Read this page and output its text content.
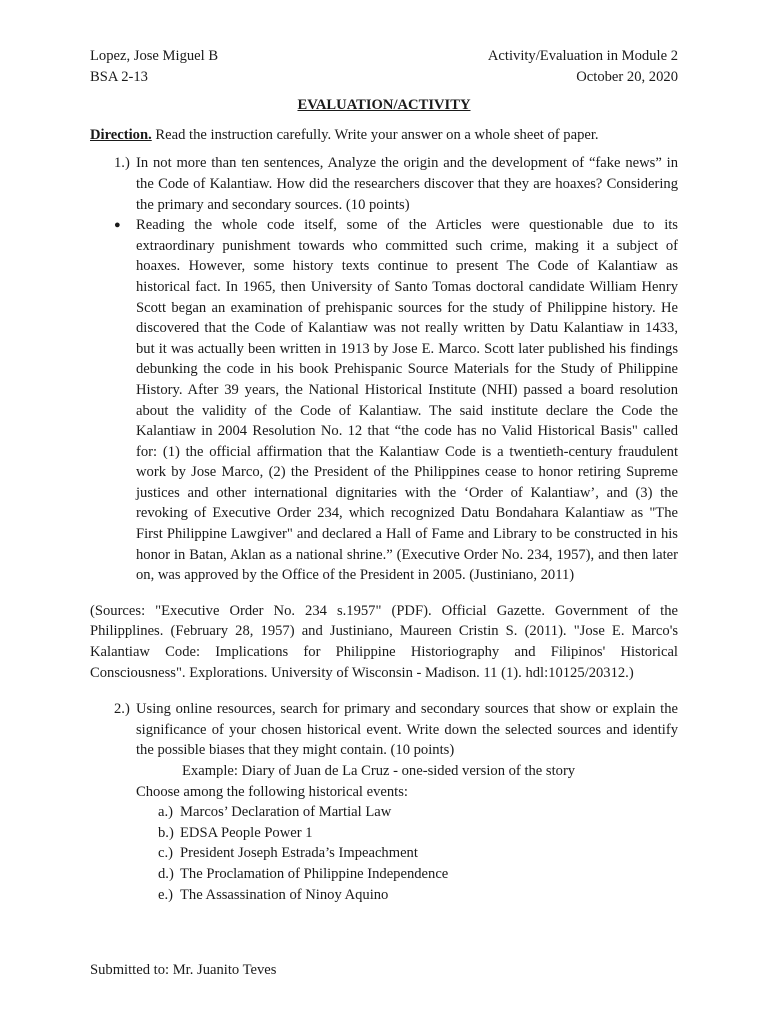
Lopez, Jose Miguel B	Activity/Evaluation in Module 2
BSA 2-13	October 20, 2020
EVALUATION/ACTIVITY
Direction. Read the instruction carefully. Write your answer on a whole sheet of paper.
1.) In not more than ten sentences, Analyze the origin and the development of “fake news” in the Code of Kalantiaw. How did the researchers discover that they are hoaxes? Considering the primary and secondary sources. (10 points)
●	Reading the whole code itself, some of the Articles were questionable due to its extraordinary punishment towards who committed such crime, making it a subject of hoaxes. However, some history texts continue to present The Code of Kalantiaw as historical fact. In 1965, then University of Santo Tomas doctoral candidate William Henry Scott began an examination of prehispanic sources for the study of Philippine history. He discovered that the Code of Kalantiaw was not really written by Datu Kalantiaw in 1433, but it was actually been written in 1913 by Jose E. Marco. Scott later published his findings debunking the code in his book Prehispanic Source Materials for the Study of Philippine History. After 39 years, the National Historical Institute (NHI) passed a board resolution about the validity of the Code of Kalantiaw. The said institute declare the Code the Kalantiaw in 2004 Resolution No. 12 that “the code has no Valid Historical Basis" called for: (1) the official affirmation that the Kalantiaw Code is a twentieth-century fraudulent work by Jose Marco, (2) the President of the Philippines cease to honor retiring Supreme justices and other international dignitaries with the ‘Order of Kalantiaw’, and (3) the revoking of Executive Order 234, which recognized Datu Bondahara Kalantiaw as "The First Philippine Lawgiver" and declared a Hall of Fame and Library to be constructed in his honor in Batan, Aklan as a national shrine.” (Executive Order No. 234, 1957), and then later on, was approved by the Office of the President in 2005. (Justiniano, 2011)
(Sources: "Executive Order No. 234 s.1957" (PDF). Official Gazette. Government of the Philipplines. (February 28, 1957) and Justiniano, Maureen Cristin S. (2011). "Jose E. Marco's Kalantiaw Code: Implications for Philippine Historiography and Filipinos' Historical Consciousness". Explorations. University of Wisconsin - Madison. 11 (1). hdl:10125/20312.)
2.) Using online resources, search for primary and secondary sources that show or explain the significance of your chosen historical event. Write down the selected sources and identify the possible biases that they might contain. (10 points)
Example: Diary of Juan de La Cruz - one-sided version of the story
Choose among the following historical events:
a.) Marcos’ Declaration of Martial Law
b.) EDSA People Power 1
c.) President Joseph Estrada’s Impeachment
d.) The Proclamation of Philippine Independence
e.) The Assassination of Ninoy Aquino
Submitted to: Mr. Juanito Teves
